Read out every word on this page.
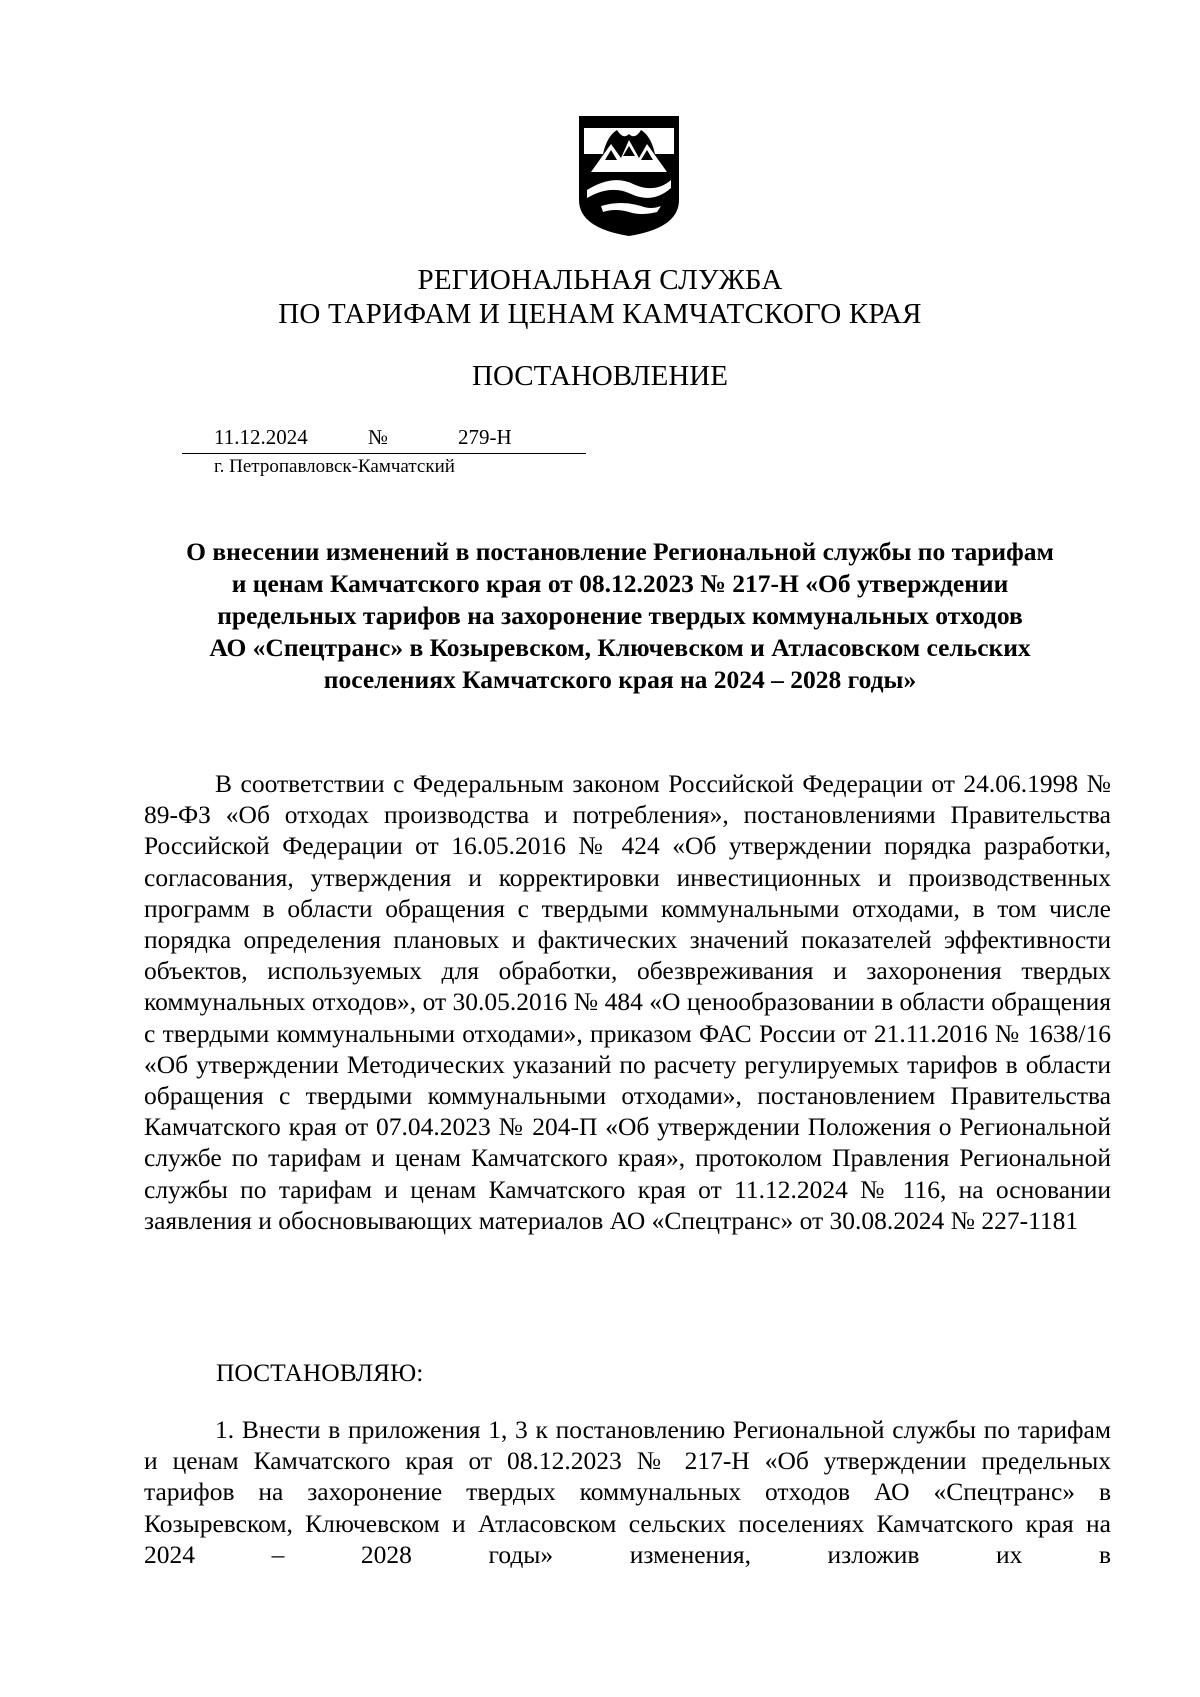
РЕГИОНАЛЬНАЯ СЛУЖБА
ПО ТАРИФАМ И ЦЕНАМ КАМЧАТСКОГО КРАЯ
ПОСТАНОВЛЕНИЕ
11.12.2024	№	279-Н
г. Петропавловск-Камчатский
О внесении изменений в постановление Региональной службы по тарифам
и ценам Камчатского края от 08.12.2023 № 217-Н «Об утверждении
предельных тарифов на захоронение твердых коммунальных отходов
АО «Спецтранс» в Козыревском, Ключевском и Атласовском сельских
поселениях Камчатского края на 2024 – 2028 годы»

В соответствии с Федеральным законом Российской Федерации от 24.06.1998 № 89-ФЗ «Об отходах производства и потребления», постановлениями Правительства Российской Федерации от 16.05.2016 № 424 «Об утверждении порядка разработки, согласования, утверждения и корректировки инвестиционных и производственных программ в области обращения с твердыми коммунальными отходами, в том числе порядка определения плановых и фактических значений показателей эффективности объектов, используемых для обработки, обезвреживания и захоронения твердых коммунальных отходов», от 30.05.2016 № 484 «О ценообразовании в области обращения с твердыми коммунальными отходами», приказом ФАС России от 21.11.2016 № 1638/16 «Об утверждении Методических указаний по расчету регулируемых тарифов в области обращения с твердыми коммунальными отходами», постановлением Правительства Камчатского края от 07.04.2023 № 204-П «Об утверждении Положения о Региональной службе по тарифам и ценам Камчатского края», протоколом Правления Региональной службы по тарифам и ценам Камчатского края от 11.12.2024 № 116, на основании заявления и обосновывающих материалов АО «Спецтранс» от 30.08.2024 № 227-1181

ПОСТАНОВЛЯЮ:

1. Внести в приложения 1, 3 к постановлению Региональной службы по тарифам и ценам Камчатского края от 08.12.2023 № 217-Н «Об утверждении предельных тарифов на захоронение твердых коммунальных отходов АО «Спецтранс» в Козыревском, Ключевском и Атласовском сельских поселениях Камчатского края на 2024 – 2028 годы» изменения, изложив их в
